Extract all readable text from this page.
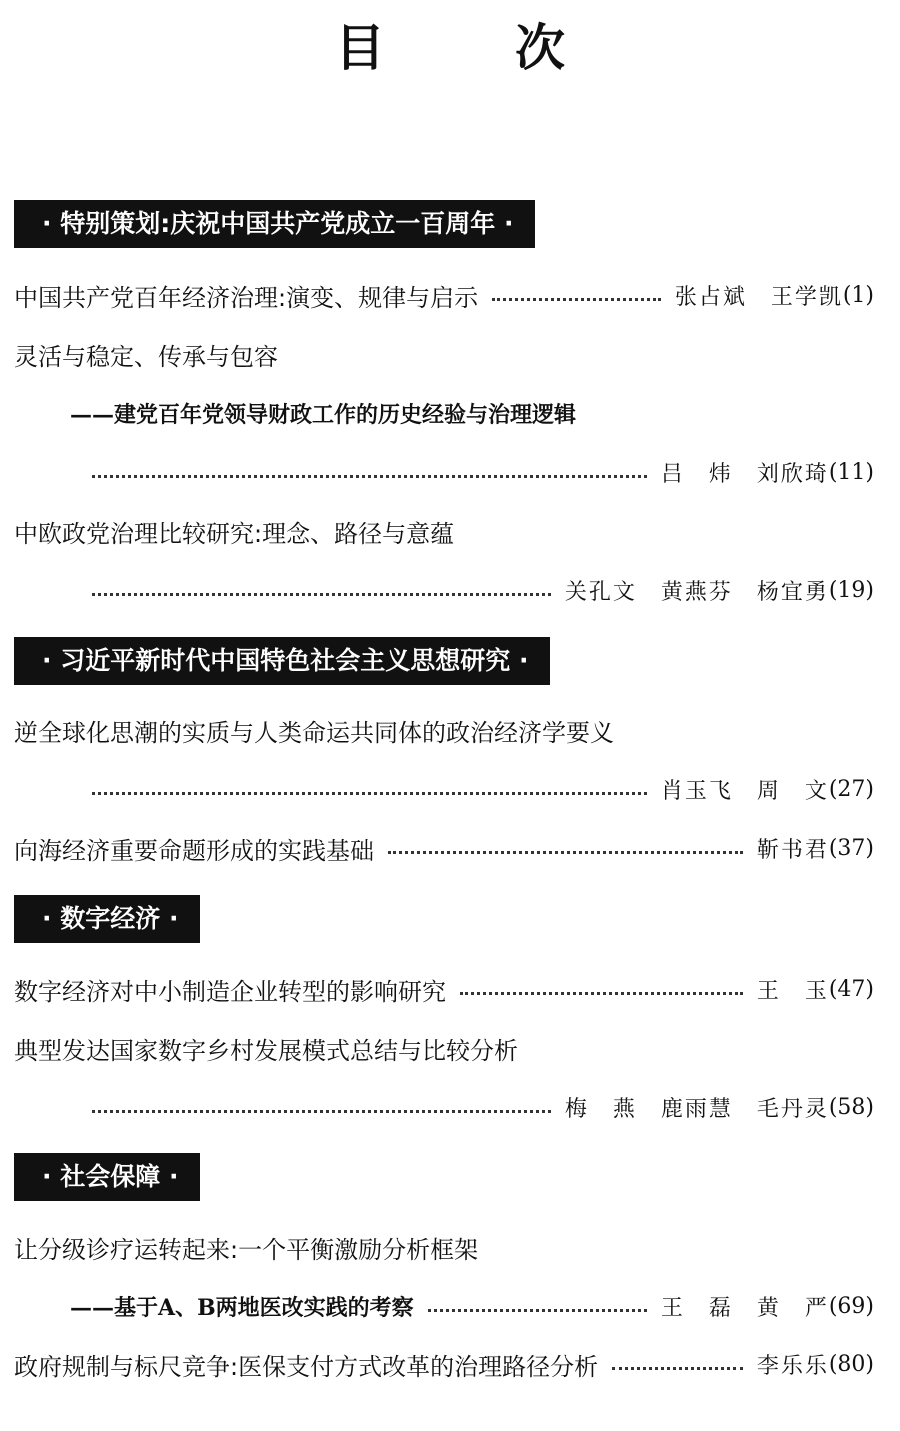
目　次
· 特别策划:庆祝中国共产党成立一百周年 ·
中国共产党百年经济治理:演变、规律与启示	张占斌　王学凯 (1)
灵活与稳定、传承与包容
——建党百年党领导财政工作的历史经验与治理逻辑
吕　炜　刘欣琦 (11)
中欧政党治理比较研究:理念、路径与意蕴
关孔文　黄燕芬　杨宜勇 (19)
· 习近平新时代中国特色社会主义思想研究 ·
逆全球化思潮的实质与人类命运共同体的政治经济学要义
肖玉飞　周　文 (27)
向海经济重要命题形成的实践基础	靳书君 (37)
· 数字经济 ·
数字经济对中小制造企业转型的影响研究	王　玉 (47)
典型发达国家数字乡村发展模式总结与比较分析
梅　燕　鹿雨慧　毛丹灵 (58)
· 社会保障 ·
让分级诊疗运转起来:一个平衡激励分析框架
——基于A、B两地医改实践的考察	王　磊　黄　严 (69)
政府规制与标尺竞争:医保支付方式改革的治理路径分析	李乐乐 (80)
